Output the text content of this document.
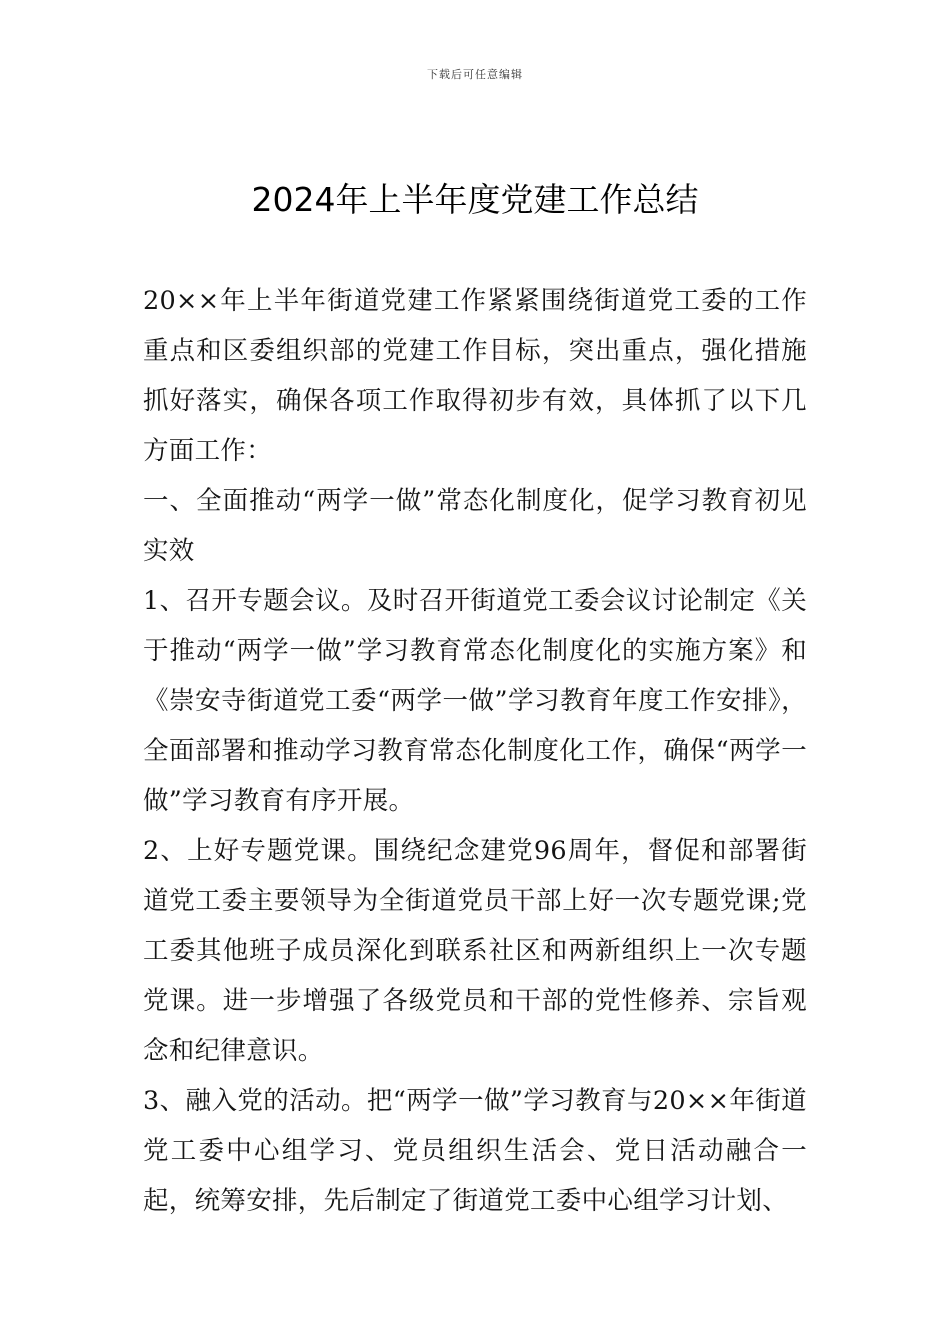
下载后可任意编辑
2024年上半年度党建工作总结

20××年上半年街道党建工作紧紧围绕街道党工委的工作重点和区委组织部的党建工作目标，突出重点，强化措施抓好落实，确保各项工作取得初步有效，具体抓了以下几方面工作：

一、全面推动“两学一做”常态化制度化，促学习教育初见实效

1、召开专题会议。及时召开街道党工委会议讨论制定《关于推动“两学一做”学习教育常态化制度化的实施方案》和《崇安寺街道党工委“两学一做”学习教育年度工作安排》，全面部署和推动学习教育常态化制度化工作，确保“两学一做”学习教育有序开展。

2、上好专题党课。围绕纪念建党96周年，督促和部署街道党工委主要领导为全街道党员干部上好一次专题党课;党工委其他班子成员深化到联系社区和两新组织上一次专题党课。进一步增强了各级党员和干部的党性修养、宗旨观念和纪律意识。

3、融入党的活动。把“两学一做”学习教育与20××年街道党工委中心组学习、党员组织生活会、党日活动融合一起，统筹安排，先后制定了街道党工委中心组学习计划、
